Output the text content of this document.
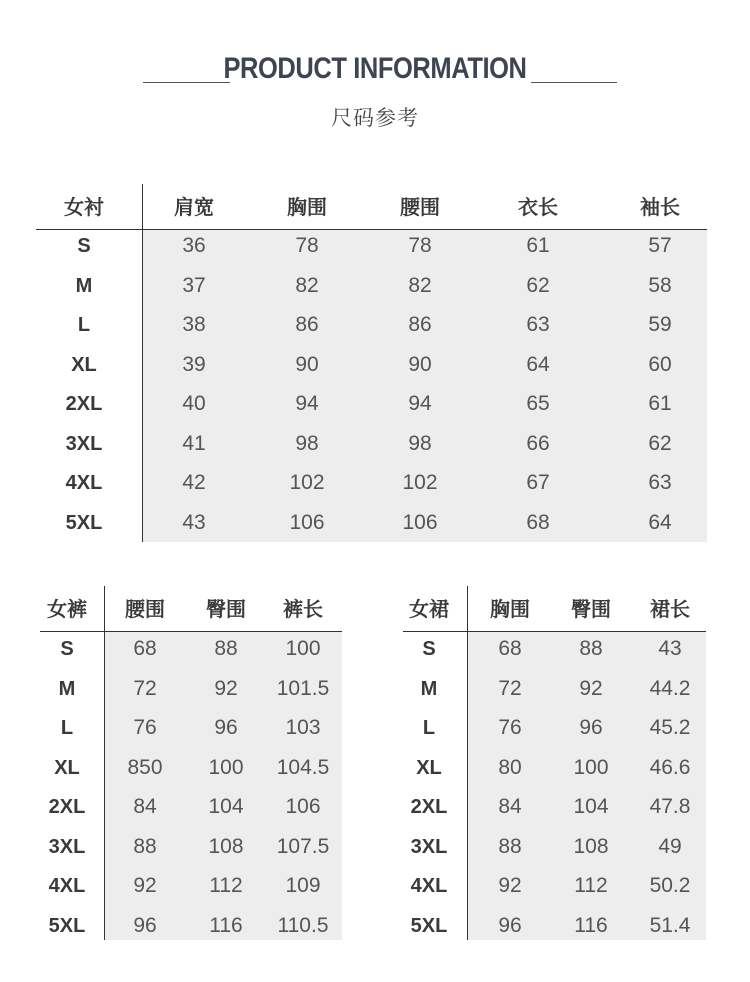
PRODUCT INFORMATION
尺码参考
女衬	肩宽	胸围	腰围	衣长	袖长
S	36	78	78	61	57
M	37	82	82	62	58
L	38	86	86	63	59
XL	39	90	90	64	60
2XL	40	94	94	65	61
3XL	41	98	98	66	62
4XL	42	102	102	67	63
5XL	43	106	106	68	64
女裤	腰围	臀围	裤长
S	68	88	100
M	72	92	101.5
L	76	96	103
XL	850	100	104.5
2XL	84	104	106
3XL	88	108	107.5
4XL	92	112	109
5XL	96	116	110.5
女裙	胸围	臀围	裙长
S	68	88	43
M	72	92	44.2
L	76	96	45.2
XL	80	100	46.6
2XL	84	104	47.8
3XL	88	108	49
4XL	92	112	50.2
5XL	96	116	51.4
